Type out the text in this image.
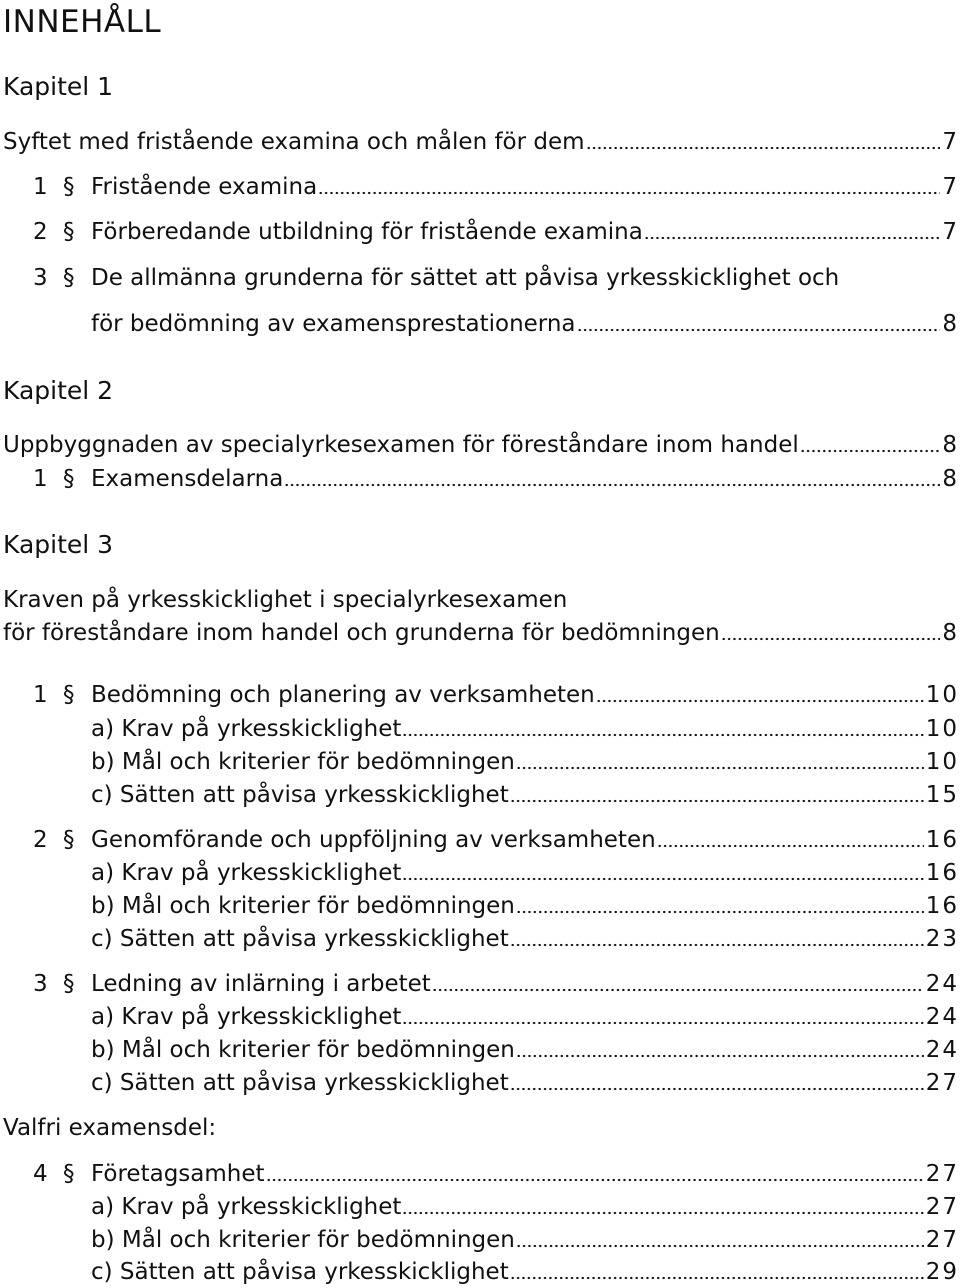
INNEHÅLL
Kapitel 1
Syftet med fristående examina och målen för dem	7
1 § Fristående examina	7
2 § Förberedande utbildning för fristående examina	7
3 § De allmänna grunderna för sättet att påvisa yrkesskicklighet och
för bedömning av examensprestationerna	8
Kapitel 2
Uppbyggnaden av specialyrkesexamen för föreståndare inom handel	8
1 § Examensdelarna	8
Kapitel 3
Kraven på yrkesskicklighet i specialyrkesexamen
för föreståndare inom handel och grunderna för bedömningen	8
1 § Bedömning och planering av verksamheten	10
a) Krav på yrkesskicklighet	10
b) Mål och kriterier för bedömningen	10
c) Sätten att påvisa yrkesskicklighet	15
2 § Genomförande och uppföljning av verksamheten	16
a) Krav på yrkesskicklighet	16
b) Mål och kriterier för bedömningen	16
c) Sätten att påvisa yrkesskicklighet	23
3 § Ledning av inlärning i arbetet	24
a) Krav på yrkesskicklighet	24
b) Mål och kriterier för bedömningen	24
c) Sätten att påvisa yrkesskicklighet	27
Valfri examensdel:
4 § Företagsamhet	27
a) Krav på yrkesskicklighet	27
b) Mål och kriterier för bedömningen	27
c) Sätten att påvisa yrkesskicklighet	29
